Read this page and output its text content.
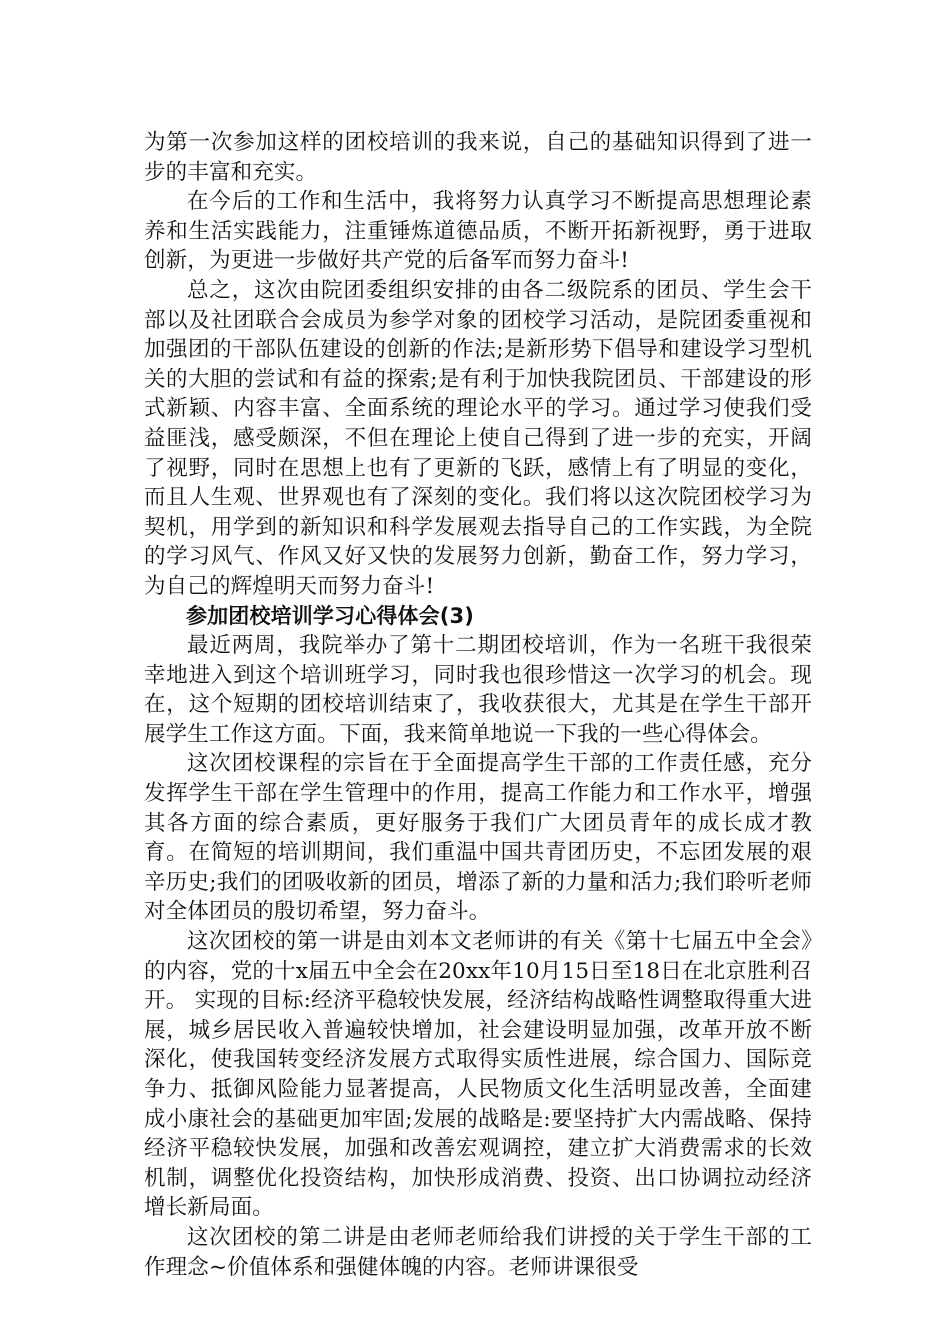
为第一次参加这样的团校培训的我来说，自己的基础知识得到了进一步的丰富和充实。

在今后的工作和生活中，我将努力认真学习不断提高思想理论素养和生活实践能力，注重锤炼道德品质，不断开拓新视野，勇于进取创新，为更进一步做好共产党的后备军而努力奋斗!

总之，这次由院团委组织安排的由各二级院系的团员、学生会干部以及社团联合会成员为参学对象的团校学习活动，是院团委重视和加强团的干部队伍建设的创新的作法;是新形势下倡导和建设学习型机关的大胆的尝试和有益的探索;是有利于加快我院团员、干部建设的形式新颖、内容丰富、全面系统的理论水平的学习。通过学习使我们受益匪浅，感受颇深，不但在理论上使自己得到了进一步的充实，开阔了视野，同时在思想上也有了更新的飞跃，感情上有了明显的变化，而且人生观、世界观也有了深刻的变化。我们将以这次院团校学习为契机，用学到的新知识和科学发展观去指导自己的工作实践，为全院的学习风气、作风又好又快的发展努力创新，勤奋工作，努力学习，为自己的辉煌明天而努力奋斗!

参加团校培训学习心得体会(3)

最近两周，我院举办了第十二期团校培训，作为一名班干我很荣幸地进入到这个培训班学习，同时我也很珍惜这一次学习的机会。现在，这个短期的团校培训结束了，我收获很大，尤其是在学生干部开展学生工作这方面。下面，我来简单地说一下我的一些心得体会。

这次团校课程的宗旨在于全面提高学生干部的工作责任感，充分发挥学生干部在学生管理中的作用，提高工作能力和工作水平，增强其各方面的综合素质，更好服务于我们广大团员青年的成长成才教育。在简短的培训期间，我们重温中国共青团历史，不忘团发展的艰辛历史;我们的团吸收新的团员，增添了新的力量和活力;我们聆听老师对全体团员的殷切希望，努力奋斗。

这次团校的第一讲是由刘本文老师讲的有关《第十七届五中全会》的内容，党的十x届五中全会在20xx年10月15日至18日在北京胜利召开。 实现的目标:经济平稳较快发展，经济结构战略性调整取得重大进展，城乡居民收入普遍较快增加，社会建设明显加强，改革开放不断深化，使我国转变经济发展方式取得实质性进展，综合国力、国际竞争力、抵御风险能力显著提高，人民物质文化生活明显改善，全面建成小康社会的基础更加牢固;发展的战略是:要坚持扩大内需战略、保持经济平稳较快发展，加强和改善宏观调控，建立扩大消费需求的长效机制，调整优化投资结构，加快形成消费、投资、出口协调拉动经济增长新局面。

这次团校的第二讲是由老师老师给我们讲授的关于学生干部的工作理念~价值体系和强健体魄的内容。老师讲课很受
